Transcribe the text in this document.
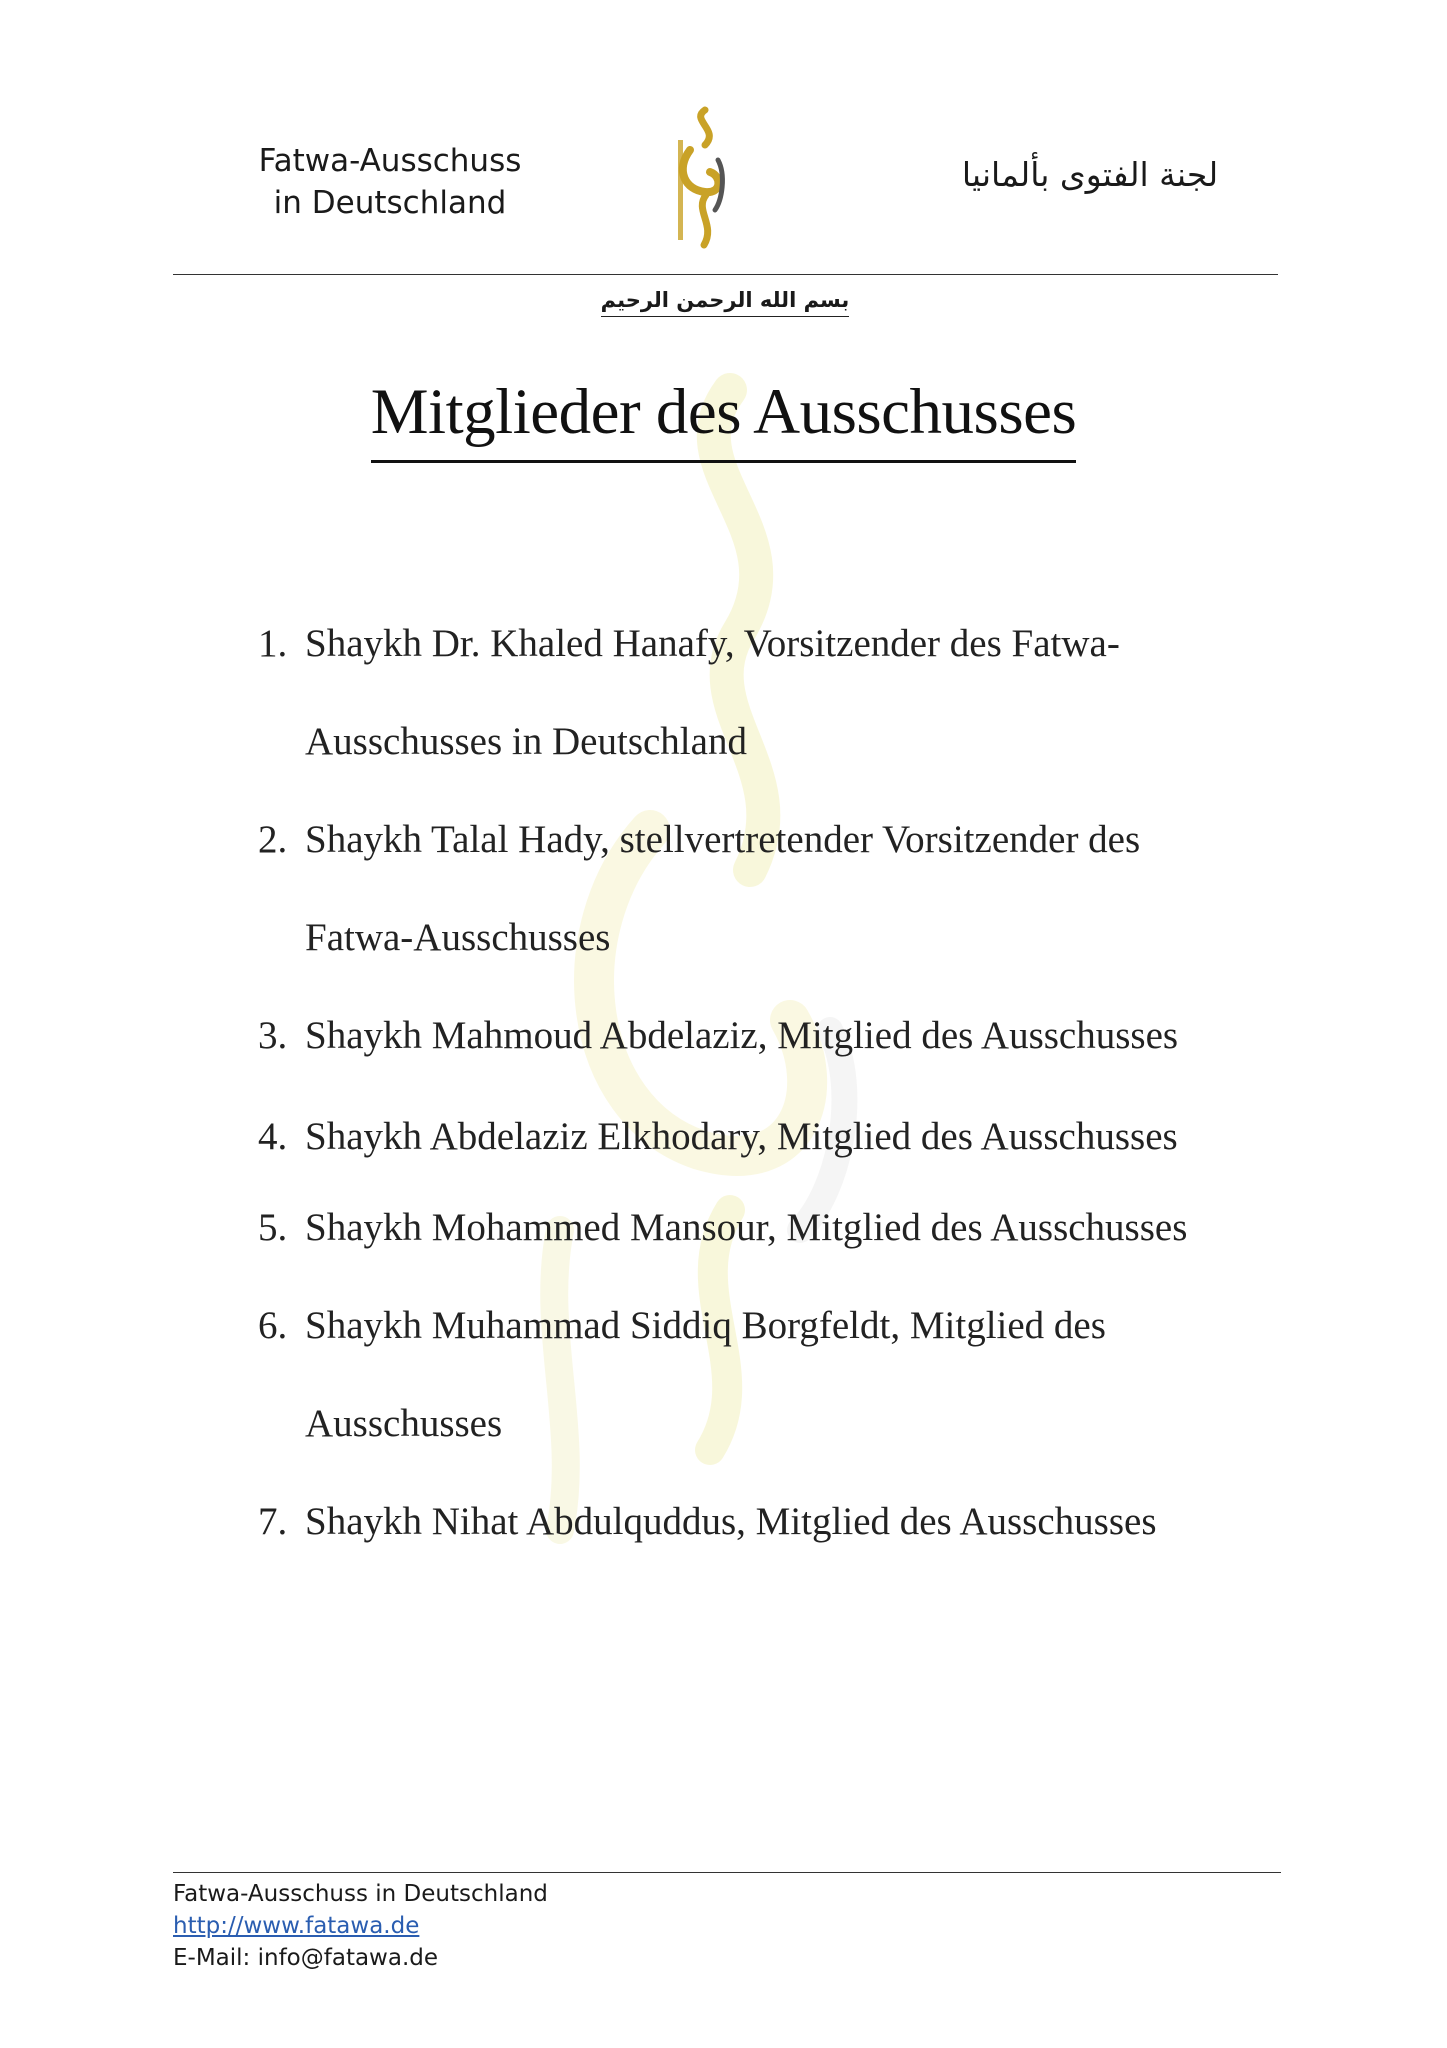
Fatwa-Ausschuss
in Deutschland
لجنة الفتوى بألمانيا
بسم الله الرحمن الرحيم
Mitglieder des Ausschusses
1. Shaykh Dr. Khaled Hanafy, Vorsitzender des Fatwa-
Ausschusses in Deutschland
2. Shaykh Talal Hady, stellvertretender Vorsitzender des
Fatwa-Ausschusses
3. Shaykh Mahmoud Abdelaziz, Mitglied des Ausschusses
4. Shaykh Abdelaziz Elkhodary, Mitglied des Ausschusses
5. Shaykh Mohammed Mansour, Mitglied des Ausschusses
6. Shaykh Muhammad Siddiq Borgfeldt, Mitglied des
Ausschusses
7. Shaykh Nihat Abdulquddus, Mitglied des Ausschusses
Fatwa-Ausschuss in Deutschland
http://www.fatawa.de
E-Mail: info@fatawa.de
